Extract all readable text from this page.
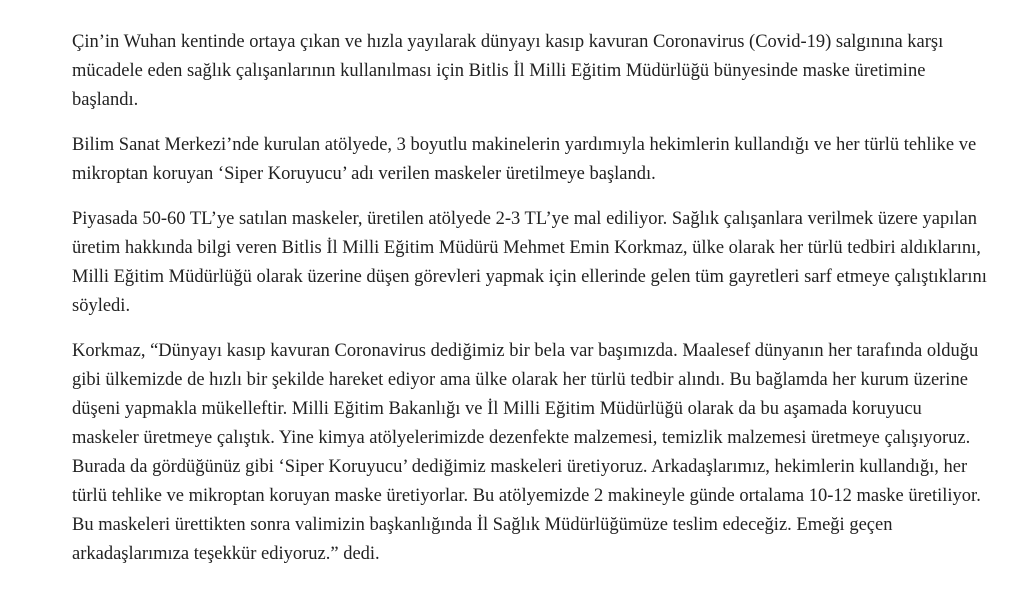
Çin’in Wuhan kentinde ortaya çıkan ve hızla yayılarak dünyayı kasıp kavuran Coronavirus (Covid-19) salgınına karşı mücadele eden sağlık çalışanlarının kullanılması için Bitlis İl Milli Eğitim Müdürlüğü bünyesinde maske üretimine başlandı.

Bilim Sanat Merkezi’nde kurulan atölyede, 3 boyutlu makinelerin yardımıyla hekimlerin kullandığı ve her türlü tehlike ve mikroptan koruyan ‘Siper Koruyucu’ adı verilen maskeler üretilmeye başlandı.

Piyasada 50-60 TL’ye satılan maskeler, üretilen atölyede 2-3 TL’ye mal ediliyor. Sağlık çalışanlara verilmek üzere yapılan üretim hakkında bilgi veren Bitlis İl Milli Eğitim Müdürü Mehmet Emin Korkmaz, ülke olarak her türlü tedbiri aldıklarını, Milli Eğitim Müdürlüğü olarak üzerine düşen görevleri yapmak için ellerinde gelen tüm gayretleri sarf etmeye çalıştıklarını söyledi.

Korkmaz, “Dünyayı kasıp kavuran Coronavirus dediğimiz bir bela var başımızda. Maalesef dünyanın her tarafında olduğu gibi ülkemizde de hızlı bir şekilde hareket ediyor ama ülke olarak her türlü tedbir alındı. Bu bağlamda her kurum üzerine düşeni yapmakla mükelleftir. Milli Eğitim Bakanlığı ve İl Milli Eğitim Müdürlüğü olarak da bu aşamada koruyucu maskeler üretmeye çalıştık. Yine kimya atölyelerimizde dezenfekte malzemesi, temizlik malzemesi üretmeye çalışıyoruz. Burada da gördüğünüz gibi ‘Siper Koruyucu’ dediğimiz maskeleri üretiyoruz. Arkadaşlarımız, hekimlerin kullandığı, her türlü tehlike ve mikroptan koruyan maske üretiyorlar. Bu atölyemizde 2 makineyle günde ortalama 10-12 maske üretiliyor. Bu maskeleri ürettikten sonra valimizin başkanlığında İl Sağlık Müdürlüğümüze teslim edeceğiz. Emeği geçen arkadaşlarımıza teşekkür ediyoruz.” dedi.
